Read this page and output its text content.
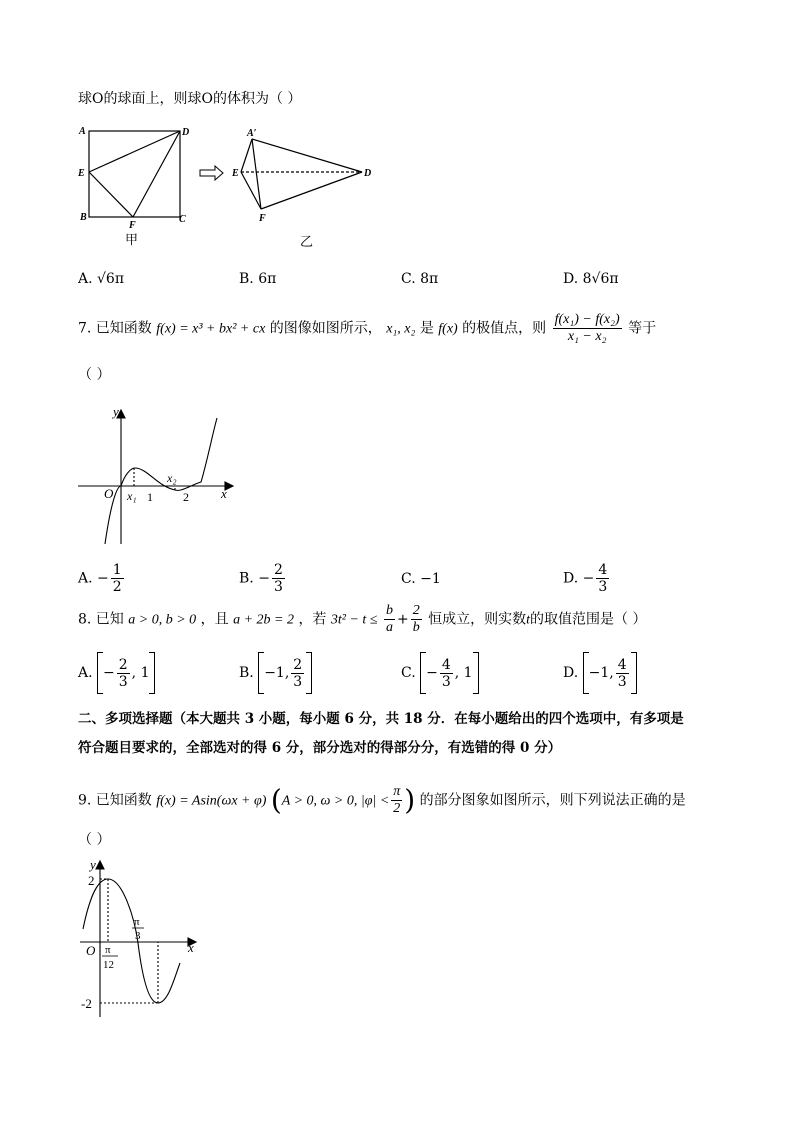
球O的球面上，则球O的体积为（ ）
A	D
E
B	C
F
甲
A′
E	D
F
乙
A. √6π	B. 6π	C. 8π	D. 8√6π
7. 已知函数 f(x) = x³ + bx² + cx 的图像如图所示， x₁, x₂ 是 f(x) 的极值点，则 $\frac{\text{f(x₁) − f(x₂)}}{\text{x₁ − x₂}}$ 等于
（ ）
y
x
O x₁ 1
x₂
2
A. − $\frac{1}{2}$	B. − $\frac{2}{3}$	C. −1	D. − $\frac{4}{3}$
8. 已知 a > 0, b > 0 ，且 a + 2b = 2 ，若 $3t^2 - t \le \frac{b}{a} + \frac{2}{b}$ 恒成立，则实数t的取值范围是（ ）
A. − $\frac{2}{3}$ , 1	B. −1, $\frac{2}{3}$	C. − $\frac{4}{3}$ , 1	D. −1, $\frac{4}{3}$
二、多项选择题（本大题共 3 小题，每小题 6 分，共 18 分．在每小题给出的四个选项中，有多项是
符合题目要求的，全部选对的得 6 分，部分选对的得部分分，有选错的得 0 分）
9. 已知函数 f(x) = Asin(ωx + φ) (A > 0, ω > 0, $|\varphi| < \frac{\pi}{2}$ ) 的部分图象如图所示，则下列说法正确的是
（ ）
y
x
O
2
-2
π
12
π
3
